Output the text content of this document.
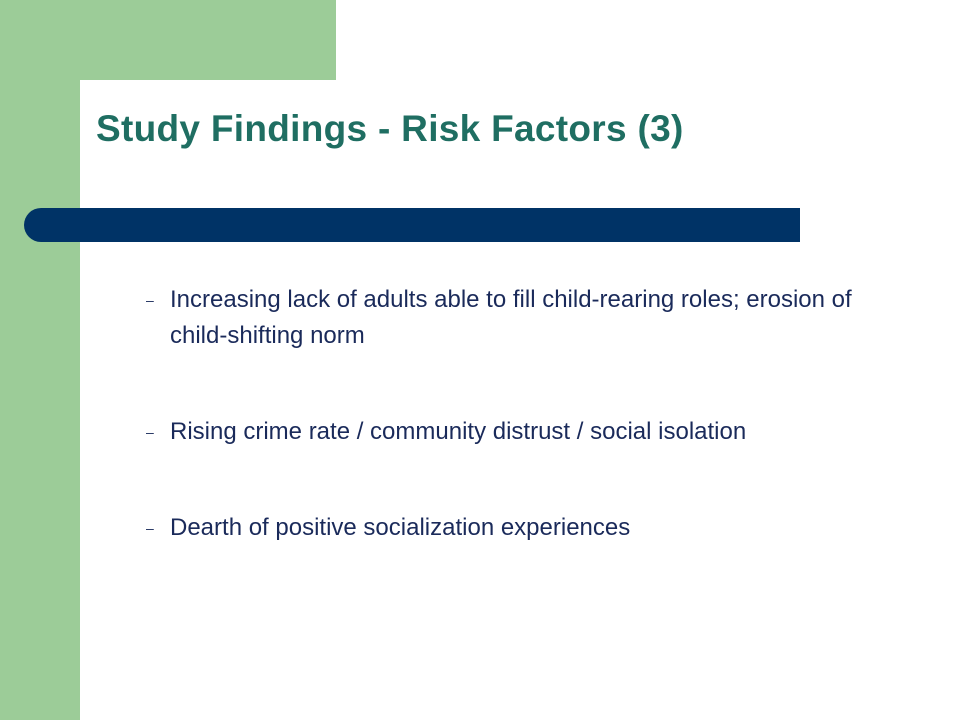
Study Findings - Risk Factors (3)
– Increasing lack of adults able to fill child-rearing roles; erosion of child-shifting norm
– Rising crime rate / community distrust / social isolation
– Dearth of positive socialization experiences
